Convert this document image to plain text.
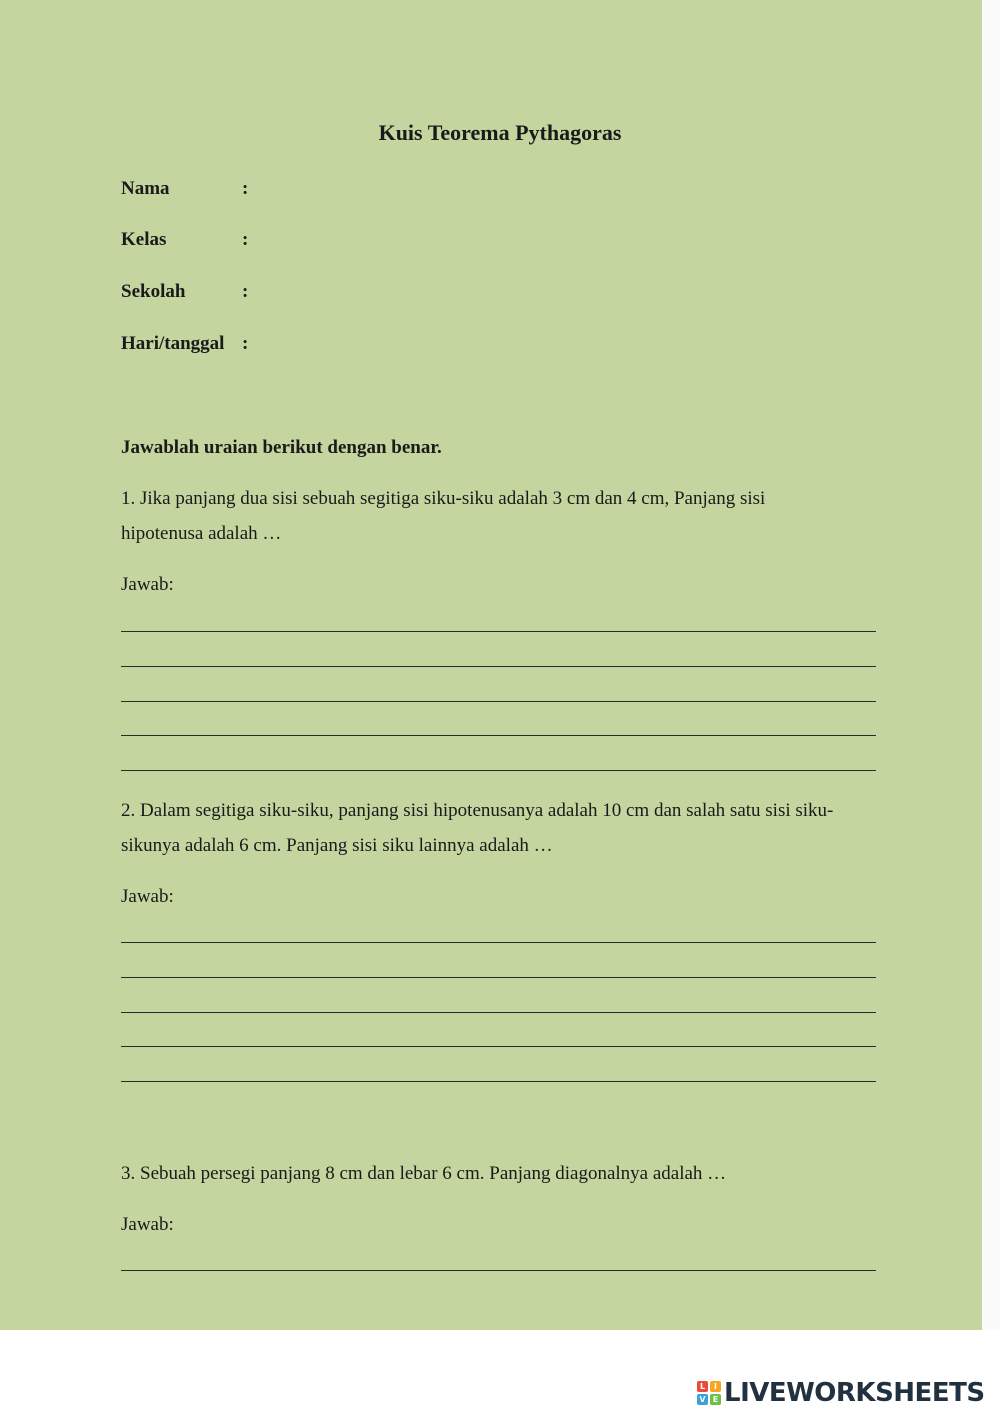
Kuis Teorema Pythagoras
Nama	:
Kelas	:
Sekolah	:
Hari/tanggal :
Jawablah uraian berikut dengan benar.
1. Jika panjang dua sisi sebuah segitiga siku-siku adalah 3 cm dan 4 cm, Panjang sisi
hipotenusa adalah …
Jawab:
2. Dalam segitiga siku-siku, panjang sisi hipotenusanya adalah 10 cm dan salah satu sisi siku-
sikunya adalah 6 cm. Panjang sisi siku lainnya adalah …
Jawab:
3. Sebuah persegi panjang 8 cm dan lebar 6 cm. Panjang diagonalnya adalah …
Jawab:
L	I
V E LIVEWORKSHEETS
